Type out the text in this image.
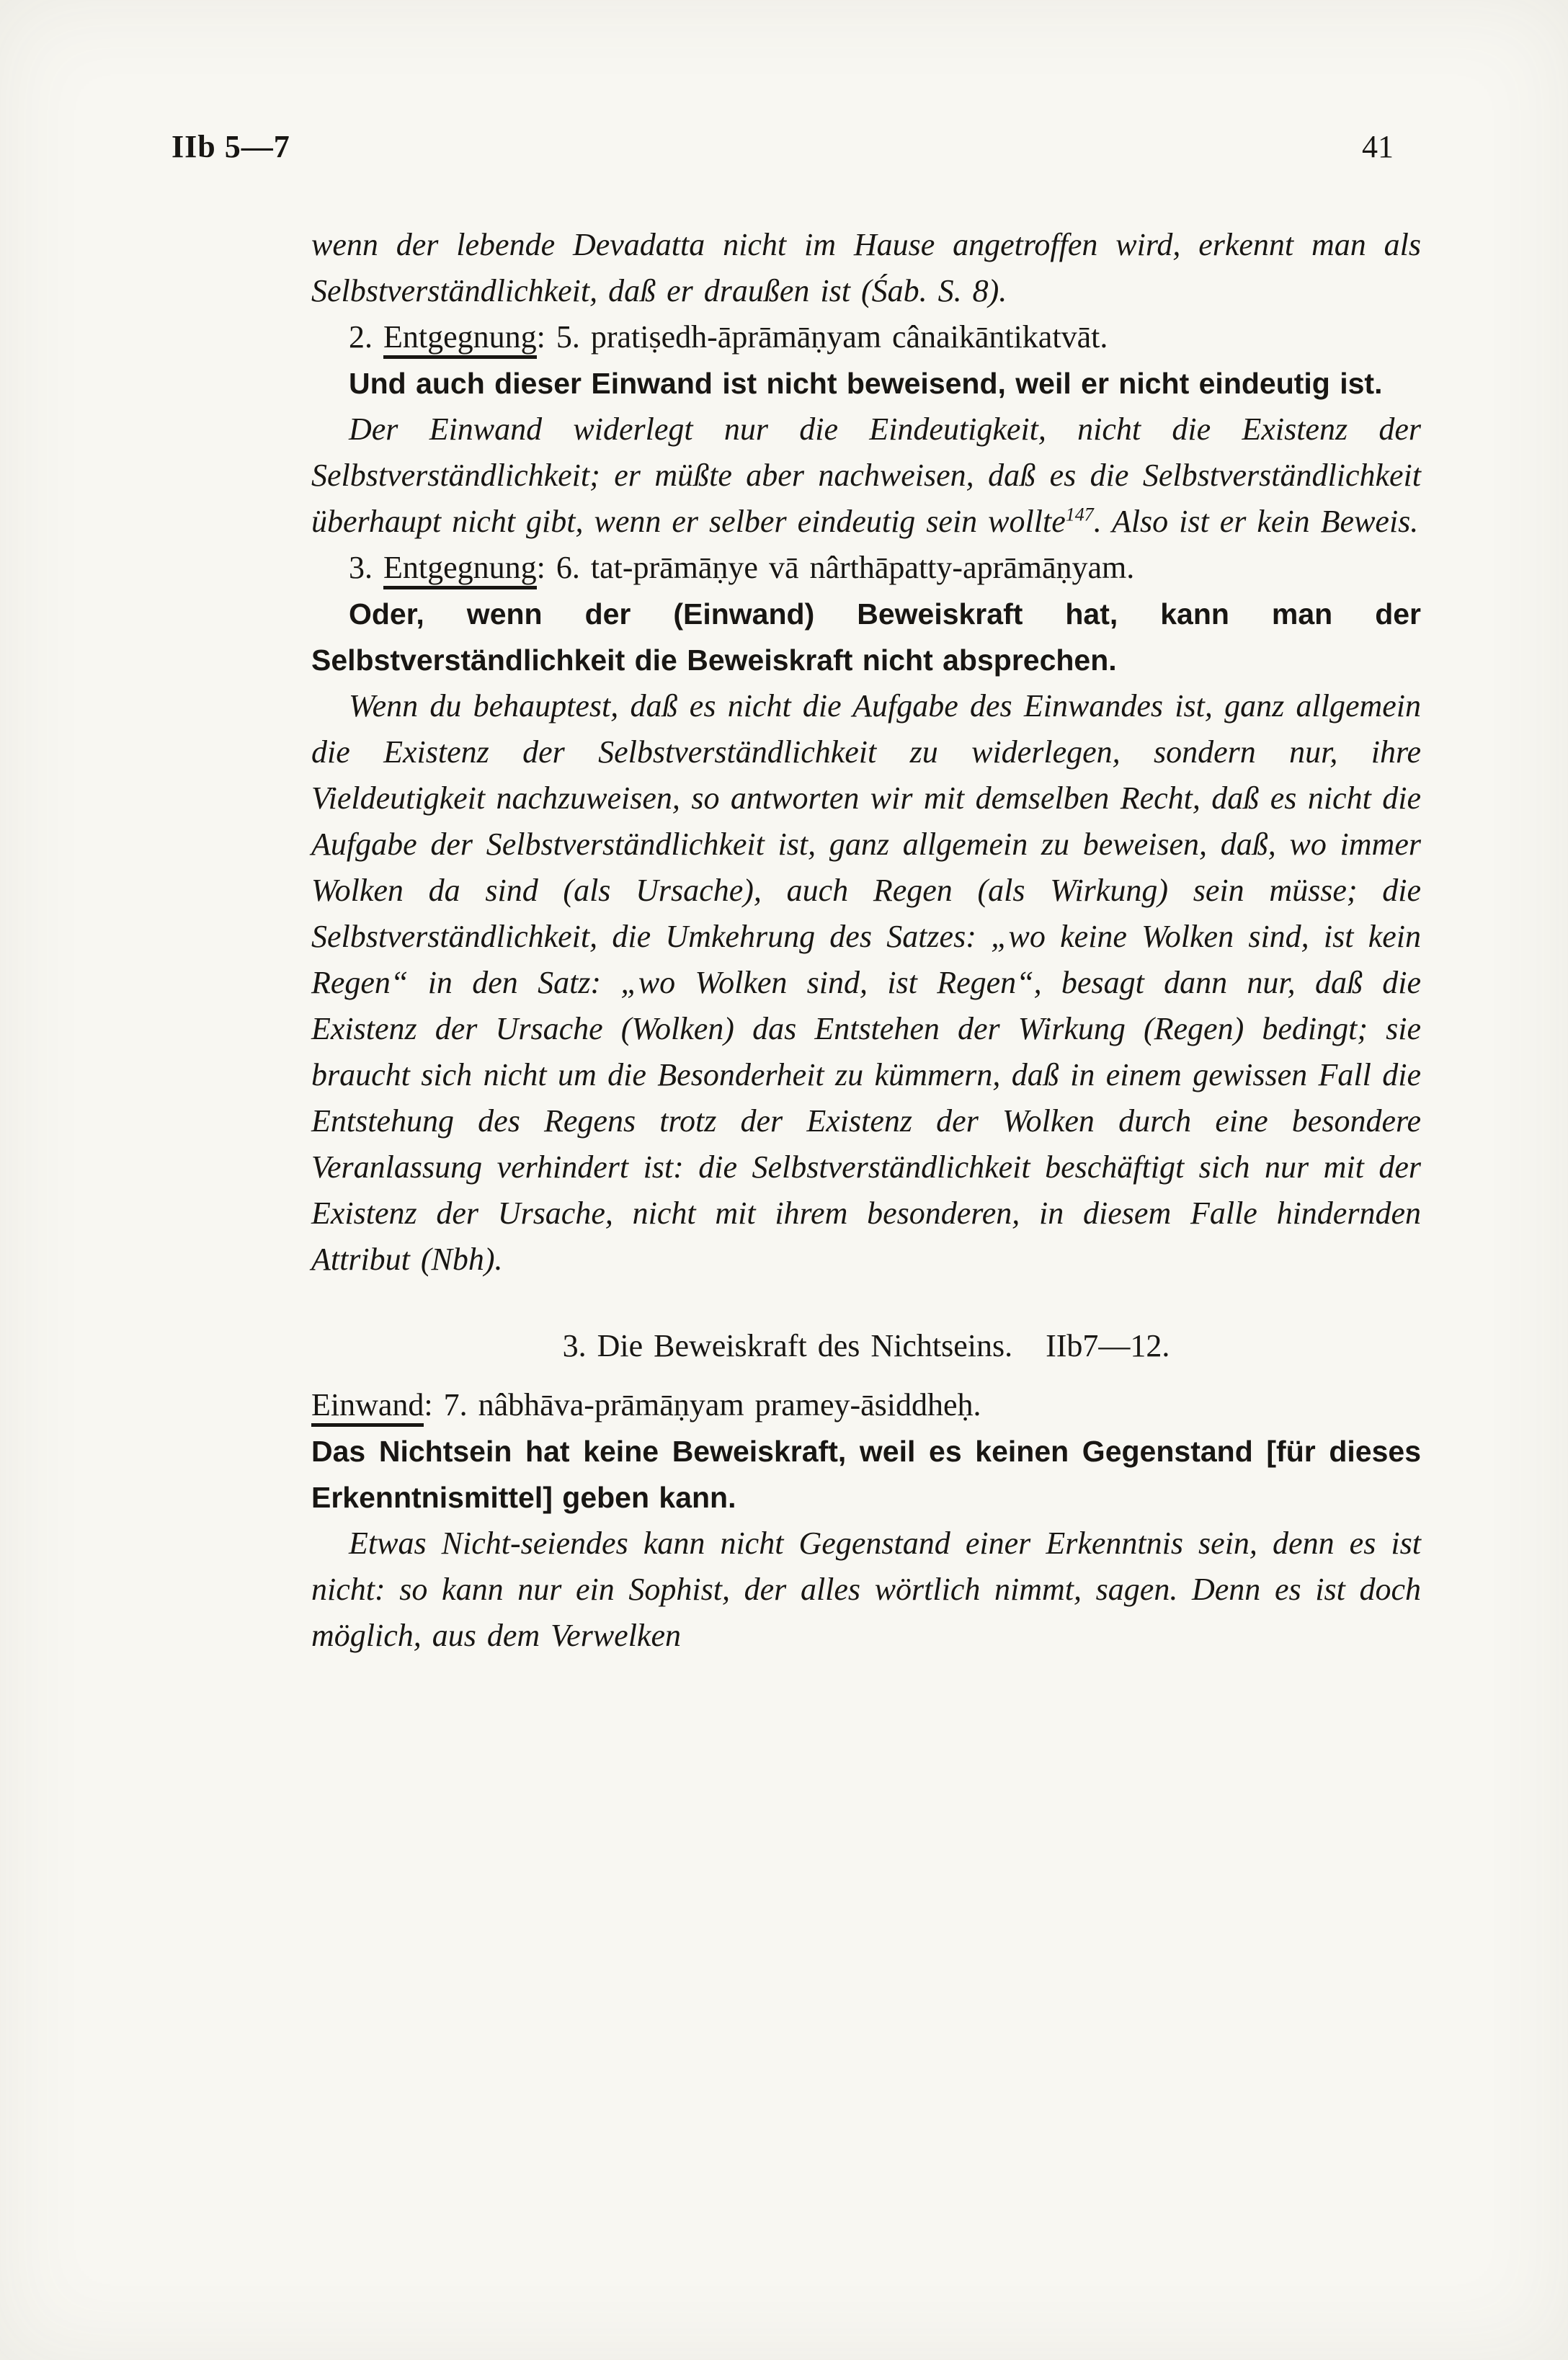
IIb 5—7	41

wenn der lebende Devadatta nicht im Hause angetroffen wird, erkennt man als Selbstverständlichkeit, daß er draußen ist (Śab. S. 8).

2. Entgegnung: 5. pratiṣedh-āprāmāṇyam cânaikāntikatvāt.

Und auch dieser Einwand ist nicht beweisend, weil er nicht eindeutig ist.

Der Einwand widerlegt nur die Eindeutigkeit, nicht die Existenz der Selbstverständlichkeit; er müßte aber nachweisen, daß es die Selbstverständlichkeit überhaupt nicht gibt, wenn er selber eindeutig sein wollte$^{147}$. Also ist er kein Beweis.

3. Entgegnung: 6. tat-prāmāṇye vā nârthāpatty-aprāmāṇyam.

Oder, wenn der (Einwand) Beweiskraft hat, kann man der Selbstverständlichkeit die Beweiskraft nicht absprechen.

Wenn du behauptest, daß es nicht die Aufgabe des Einwandes ist, ganz allgemein die Existenz der Selbstverständlichkeit zu widerlegen, sondern nur, ihre Vieldeutigkeit nachzuweisen, so antworten wir mit demselben Recht, daß es nicht die Aufgabe der Selbstverständlichkeit ist, ganz allgemein zu beweisen, daß, wo immer Wolken da sind (als Ursache), auch Regen (als Wirkung) sein müsse; die Selbstverständlichkeit, die Umkehrung des Satzes: „wo keine Wolken sind, ist kein Regen“ in den Satz: „wo Wolken sind, ist Regen“, besagt dann nur, daß die Existenz der Ursache (Wolken) das Entstehen der Wirkung (Regen) bedingt; sie braucht sich nicht um die Besonderheit zu kümmern, daß in einem gewissen Fall die Entstehung des Regens trotz der Existenz der Wolken durch eine besondere Veranlassung verhindert ist: die Selbstverständlichkeit beschäftigt sich nur mit der Existenz der Ursache, nicht mit ihrem besonderen, in diesem Falle hindernden Attribut (Nbh).

3. Die Beweiskraft des Nichtseins. IIb7—12.

Einwand: 7. nâbhāva-prāmāṇyam pramey-āsiddheḥ.

Das Nichtsein hat keine Beweiskraft, weil es keinen Gegenstand [für dieses Erkenntnismittel] geben kann.

Etwas Nicht-seiendes kann nicht Gegenstand einer Erkenntnis sein, denn es ist nicht: so kann nur ein Sophist, der alles wörtlich nimmt, sagen. Denn es ist doch möglich, aus dem Verwelken
